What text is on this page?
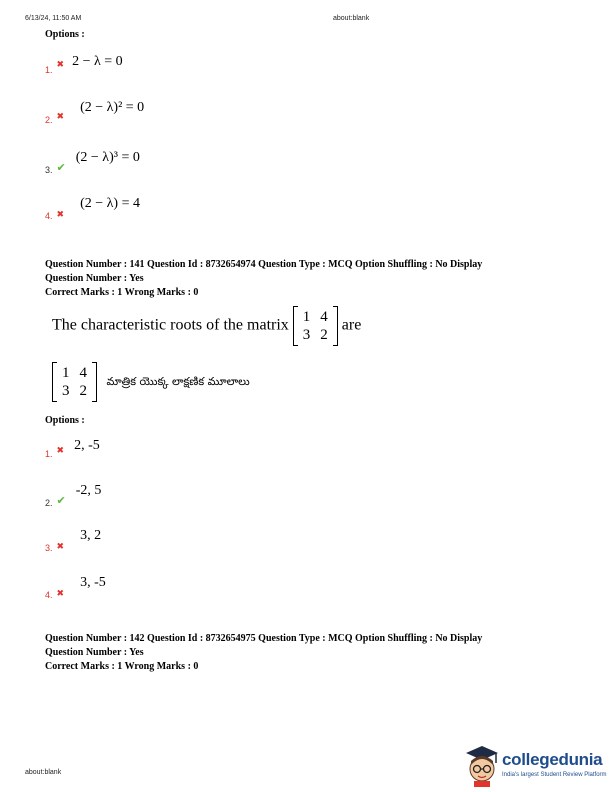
6/13/24, 11:50 AM	about:blank
Options :
$_{1.}$ ✖ 2 − λ = 0
$_{2.}$ $_✖$ (2 − λ)² = 0
$_{3.}$ $_✔$ (2 − λ)³ = 0
$_{4.}$ $_✖$ (2 − λ) = 4
Question Number : 141 Question Id : 8732654974 Question Type : MCQ Option Shuffling : No Display
Question Number : Yes
Correct Marks : 1 Wrong Marks : 0
The characteristic roots of the matrix 1	4
3	2
are
1	4
3	2
మాత్రిక యొక్క లాక్షణిక మూలాలు
Options :
$_{1.}$ $_✖$ 2, -5
$_{2.}$ $_✔$ -2, 5
$_{3.}$ $_✖$ 3, 2
$_{4.}$ $_✖$ 3, -5
Question Number : 142 Question Id : 8732654975 Question Type : MCQ Option Shuffling : No Display
Question Number : Yes
Correct Marks : 1 Wrong Marks : 0
about:blank
collegedunia
India's largest Student Review Platform
